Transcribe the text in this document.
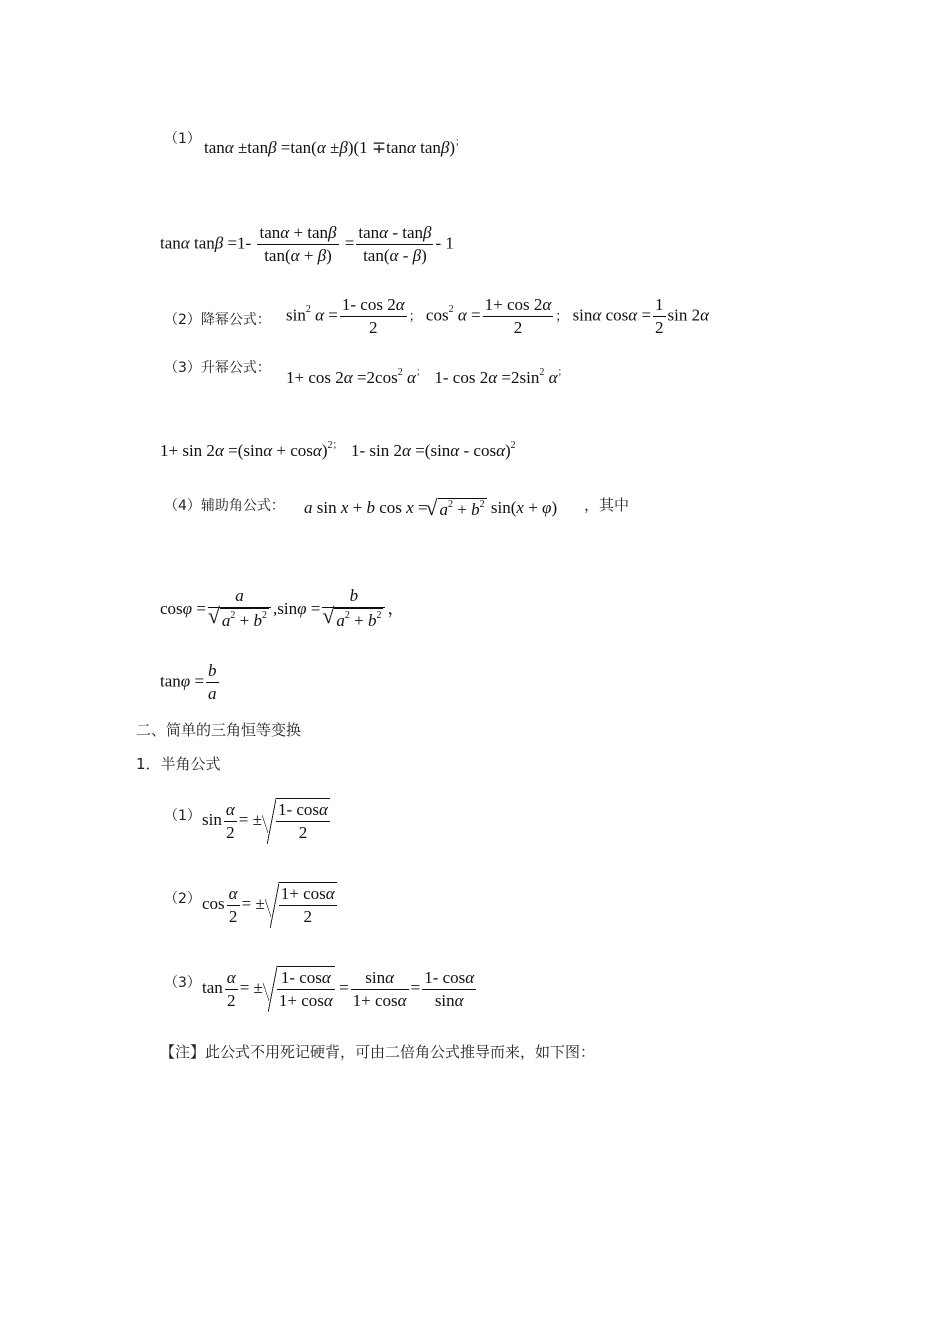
（1） tanα ±tanβ =tan(α ±β)(1 ∓tanα tanβ)；
tanα $\tan\beta =1- \frac{\tan\alpha + \tan\beta}{\tan(\alpha + \beta)} = \frac{\tan\alpha - \tan\beta}{\tan(\alpha - \beta)} - 1$
（2）降幂公式： $\sin^2 \alpha = \frac{1- \cos 2\alpha}{2}$ ； $\cos^2 \alpha = \frac{1+ \cos 2\alpha}{2}$ ； sinα $\cos\alpha = \frac{1}{2}$ sin 2α
（3）升幂公式： $1+ \cos 2\alpha =2\cos^2$ α；  1- $\cos 2\alpha =2\sin^2$ α；
$1+ \sin 2\alpha =(\sin\alpha + \cos\alpha)^{2;}$  1- sin 2α =(sinα - cosα)$^2$
（4）辅助角公式： a sin x + b cos x =√ $a^2 + b^2$ sin(x + φ) ，其中
cosφ = a
√ $a^2 + b^2$ ,sinφ = b
√ $a^2 + b^2$ ，
$\tan\varphi = \frac{b}{a}$
二、简单的三角恒等变换
1．半角公式
（1） $\sin \frac{\alpha}{2}$ = ± $\frac{1- \cos\alpha}{2}$
（2） $\cos \frac{\alpha}{2}$ = ± $\frac{1+ \cos\alpha}{2}$
（3） $\tan \frac{\alpha}{2}$ = ± $\frac{1- \cos\alpha}{1+ \cos\alpha} = \frac{\sin\alpha}{1+ \cos\alpha} = \frac{1- \cos\alpha}{\sin\alpha}$
【注】此公式不用死记硬背，可由二倍角公式推导而来，如下图：
